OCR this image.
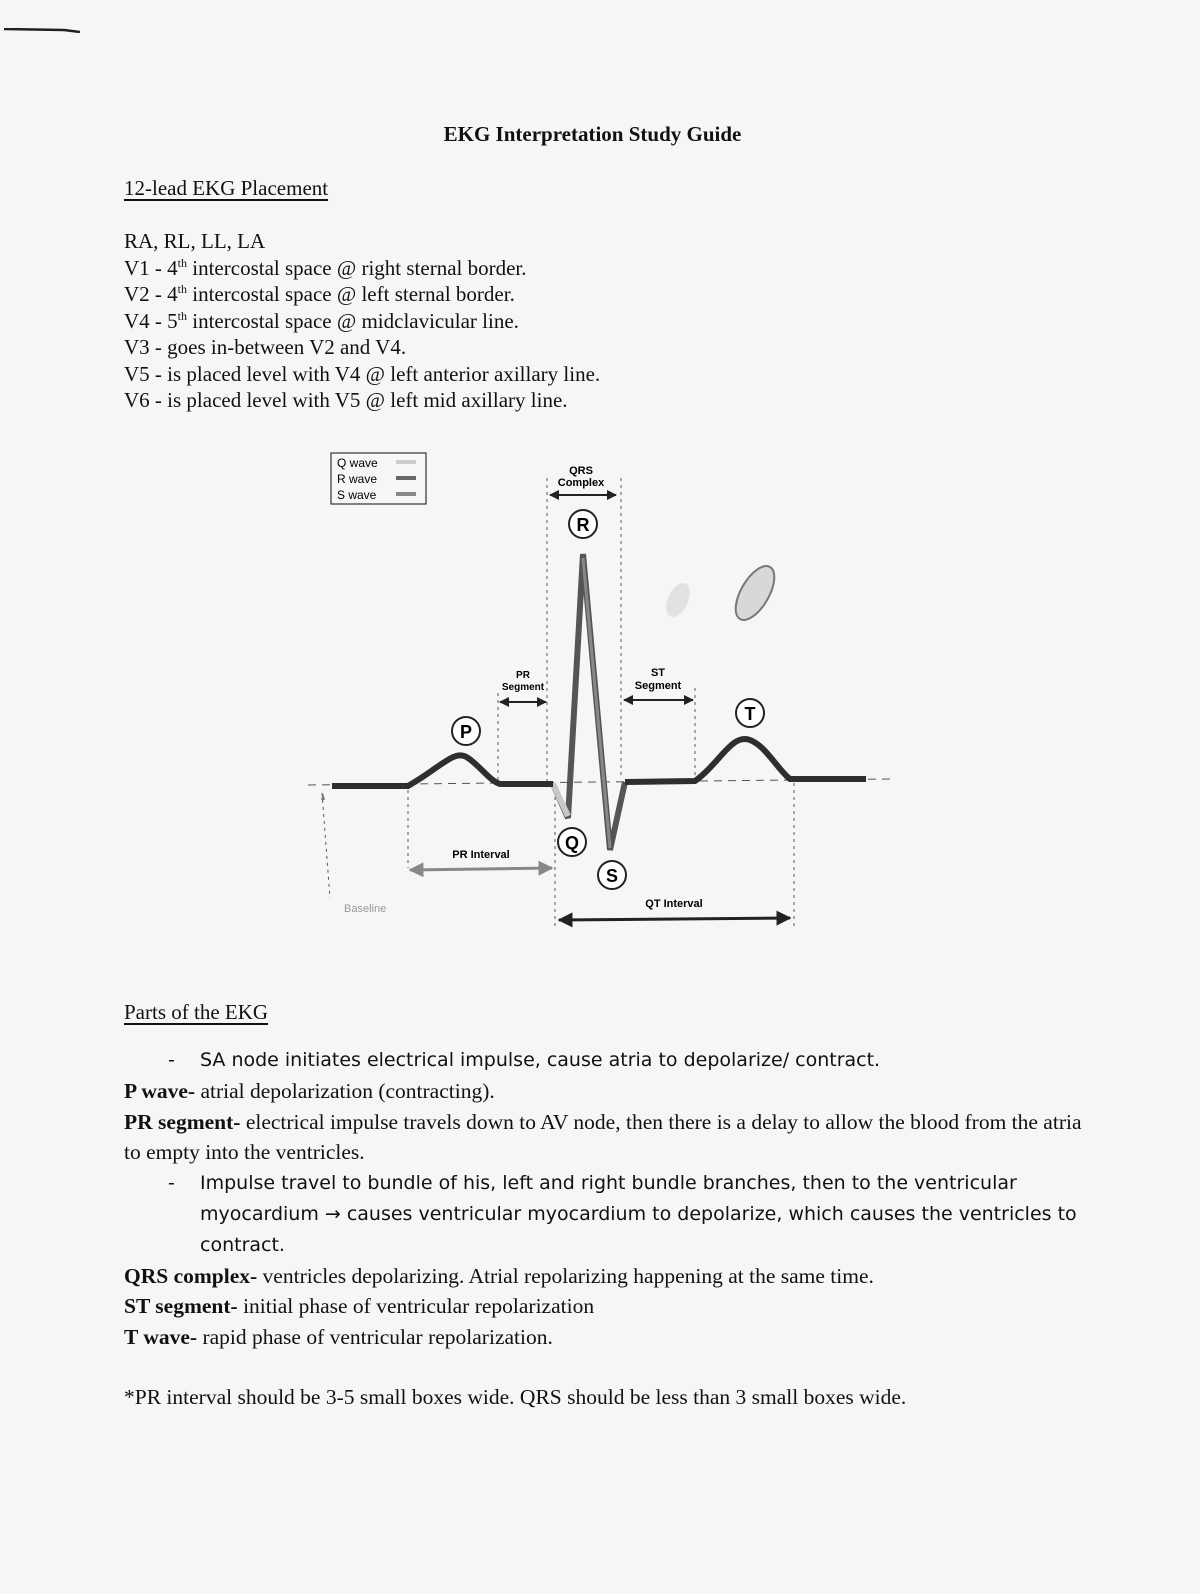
EKG Interpretation Study Guide
12-lead EKG Placement
RA, RL, LL, LA
V1 - 4th intercostal space @ right sternal border.
V2 - 4th intercostal space @ left sternal border.
V4 - 5th intercostal space @ midclavicular line.
V3 - goes in-between V2 and V4.
V5 - is placed level with V4 @ left anterior axillary line.
V6 - is placed level with V5 @ left mid axillary line.
Q wave
R wave
S wave
QRS
Complex
PR
Segment
ST
Segment
R
P
T
Q
S
PR Interval
QT Interval
Baseline
Parts of the EKG
- SA node initiates electrical impulse, cause atria to depolarize/ contract.
P wave- atrial depolarization (contracting).
PR segment- electrical impulse travels down to AV node, then there is a delay to allow the blood from the atria to empty into the ventricles.
- Impulse travel to bundle of his, left and right bundle branches, then to the ventricular myocardium → causes ventricular myocardium to depolarize, which causes the ventricles to contract.
QRS complex- ventricles depolarizing. Atrial repolarizing happening at the same time.
ST segment- initial phase of ventricular repolarization
T wave- rapid phase of ventricular repolarization.
*PR interval should be 3-5 small boxes wide. QRS should be less than 3 small boxes wide.
